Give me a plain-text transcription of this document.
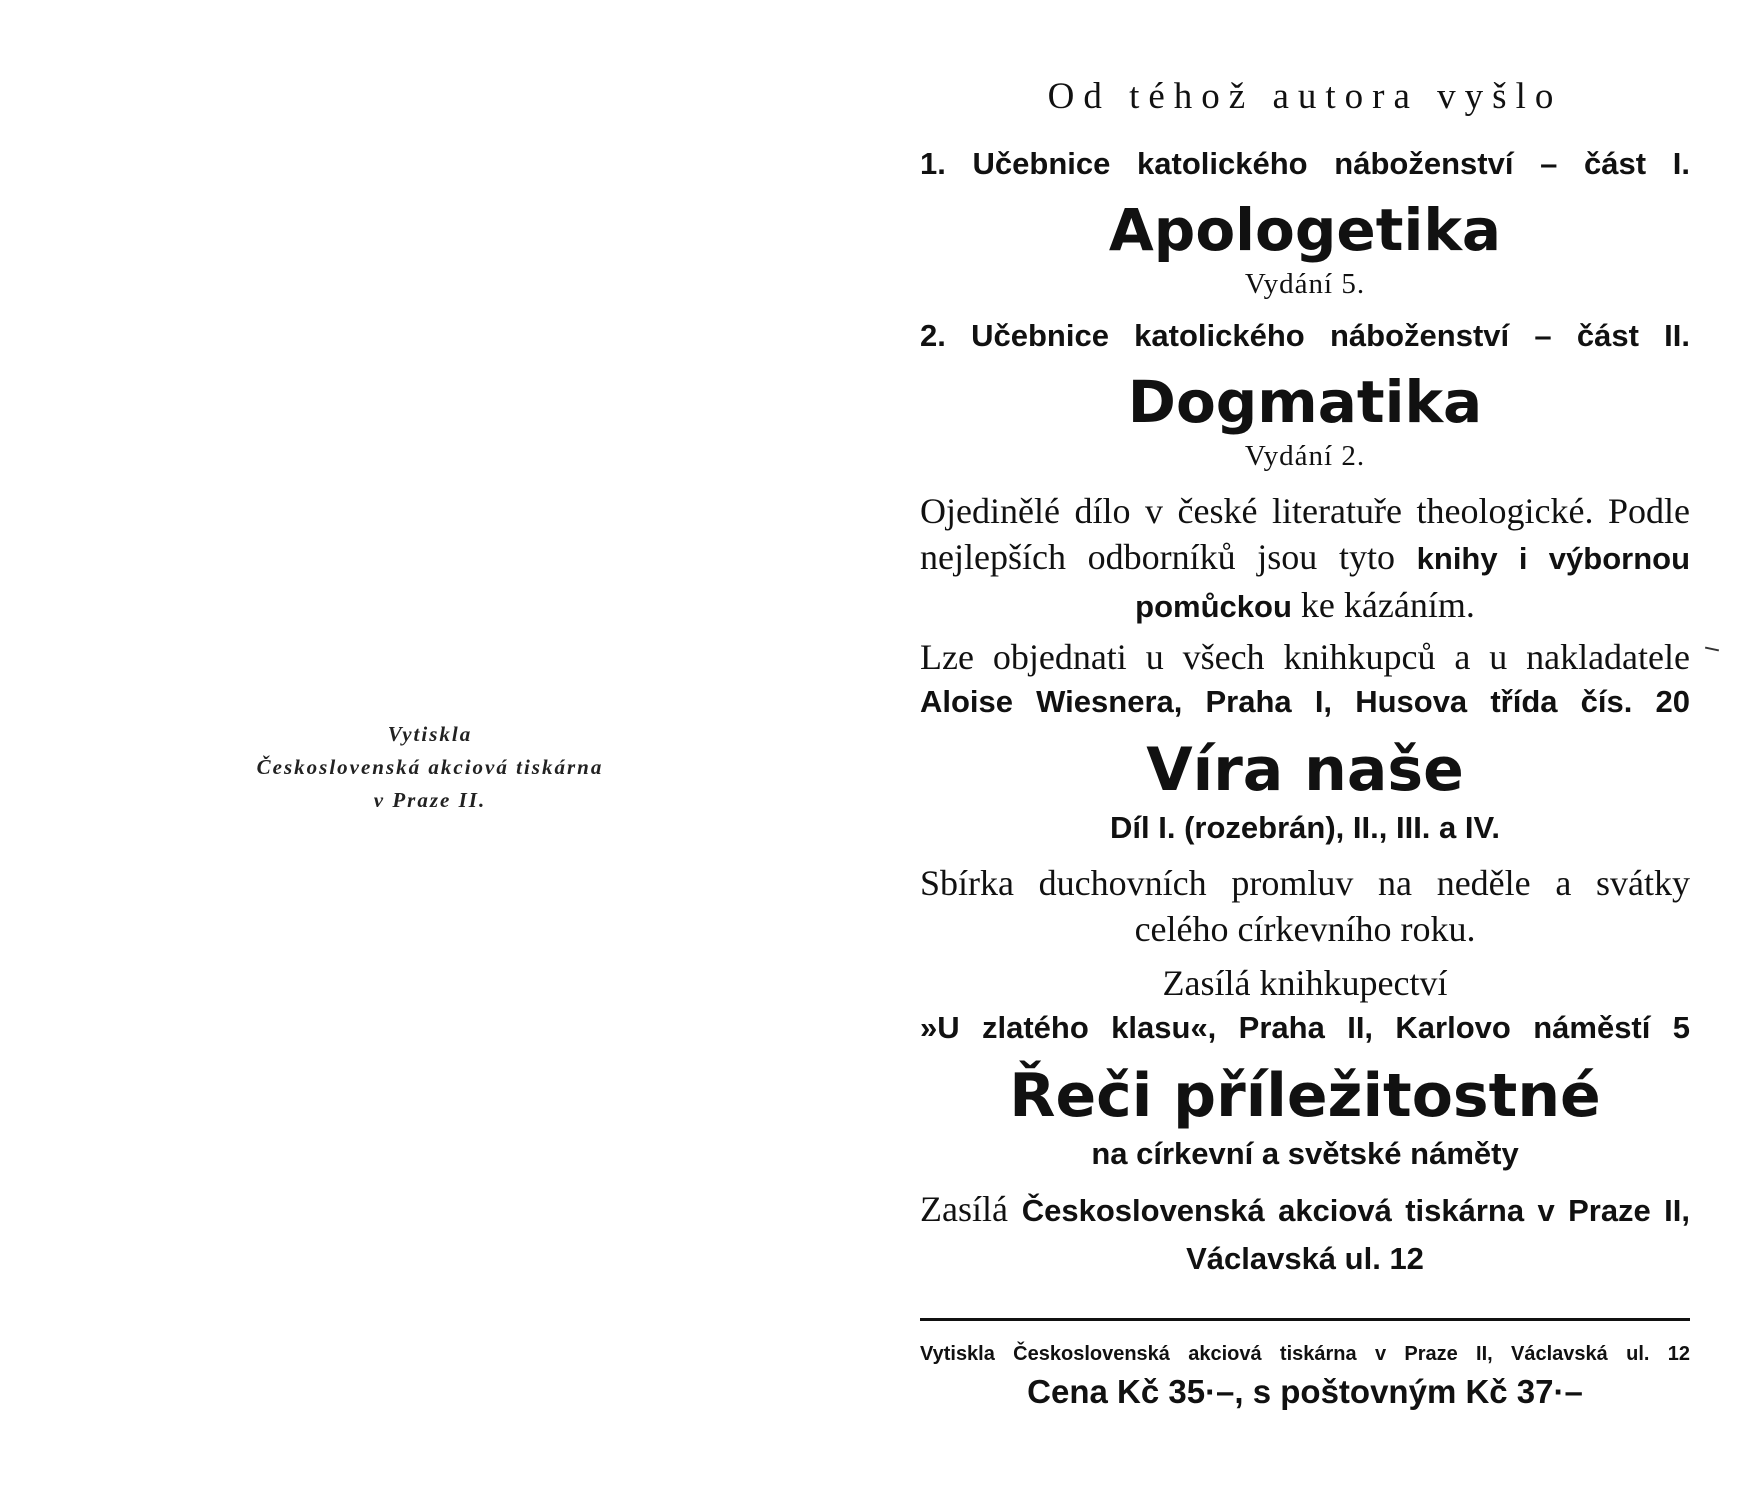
Vytiskla
Československá akciová tiskárna
v Praze II.
Od téhož autora vyšlo
1. Učebnice katolického náboženství – část I.
Apologetika
Vydání 5.
2. Učebnice katolického náboženství – část II.
Dogmatika
Vydání 2.
Ojedinělé dílo v české literatuře theologické. Podle nejlepších odborníků jsou tyto knihy i výbornou pomůckou ke kázáním.
Lze objednati u všech knihkupců a u nakladatele
Aloise Wiesnera, Praha I, Husova třída čís. 20
Víra naše
Díl I. (rozebrán), II., III. a IV.
Sbírka duchovních promluv na neděle a svátky celého církevního roku.
Zasílá knihkupectví
»U zlatého klasu«, Praha II, Karlovo náměstí 5
Řeči příležitostné
na církevní a světské náměty
Zasílá Československá akciová tiskárna v Praze II, Václavská ul. 12
Vytiskla Československá akciová tiskárna v Praze II, Václavská ul. 12
Cena Kč 35·–, s poštovným Kč 37·–
